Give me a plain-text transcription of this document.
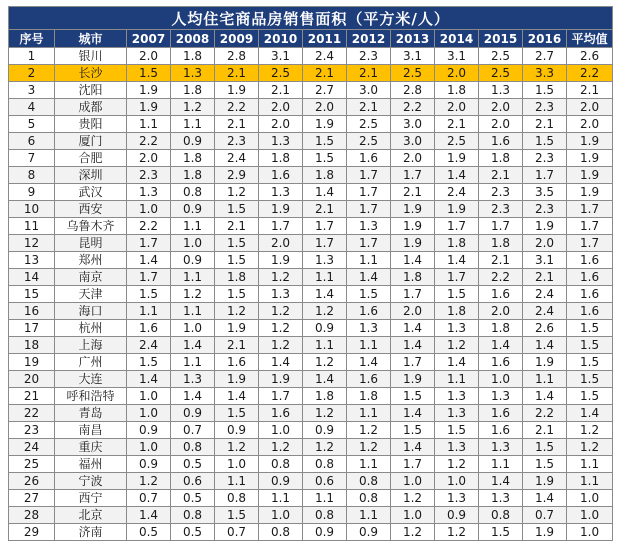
人均住宅商品房销售面积（平方米/人）												
序号	城市	2007	2008	2009	2010	2011	2012	2013	2014	2015	2016	平均值
1	银川	2.0	1.8	2.8	3.1	2.4	2.3	3.1	3.1	2.5	2.7	2.6
2	长沙	1.5	1.3	2.1	2.5	2.1	2.1	2.5	2.0	2.5	3.3	2.2
3	沈阳	1.9	1.8	1.9	2.1	2.7	3.0	2.8	1.8	1.3	1.5	2.1
4	成都	1.9	1.2	2.2	2.0	2.0	2.1	2.2	2.0	2.0	2.3	2.0
5	贵阳	1.1	1.1	2.1	2.0	1.9	2.5	3.0	2.1	2.0	2.1	2.0
6	厦门	2.2	0.9	2.3	1.3	1.5	2.5	3.0	2.5	1.6	1.5	1.9
7	合肥	2.0	1.8	2.4	1.8	1.5	1.6	2.0	1.9	1.8	2.3	1.9
8	深圳	2.3	1.8	2.9	1.6	1.8	1.7	1.7	1.4	2.1	1.7	1.9
9	武汉	1.3	0.8	1.2	1.3	1.4	1.7	2.1	2.4	2.3	3.5	1.9
10	西安	1.0	0.9	1.5	1.9	2.1	1.7	1.9	1.9	2.3	2.3	1.7
11	乌鲁木齐	2.2	1.1	2.1	1.7	1.7	1.3	1.9	1.7	1.7	1.9	1.7
12	昆明	1.7	1.0	1.5	2.0	1.7	1.7	1.9	1.8	1.8	2.0	1.7
13	郑州	1.4	0.9	1.5	1.9	1.3	1.1	1.4	1.4	2.1	3.1	1.6
14	南京	1.7	1.1	1.8	1.2	1.1	1.4	1.8	1.7	2.2	2.1	1.6
15	天津	1.5	1.2	1.5	1.3	1.4	1.5	1.7	1.5	1.6	2.4	1.6
16	海口	1.1	1.1	1.2	1.2	1.2	1.6	2.0	1.8	2.0	2.4	1.6
17	杭州	1.6	1.0	1.9	1.2	0.9	1.3	1.4	1.3	1.8	2.6	1.5
18	上海	2.4	1.4	2.1	1.2	1.1	1.1	1.4	1.2	1.4	1.4	1.5
19	广州	1.5	1.1	1.6	1.4	1.2	1.4	1.7	1.4	1.6	1.9	1.5
20	大连	1.4	1.3	1.9	1.9	1.4	1.6	1.9	1.1	1.0	1.1	1.5
21	呼和浩特	1.0	1.4	1.4	1.7	1.8	1.8	1.5	1.3	1.3	1.4	1.5
22	青岛	1.0	0.9	1.5	1.6	1.2	1.1	1.4	1.3	1.6	2.2	1.4
23	南昌	0.9	0.7	0.9	1.0	0.9	1.2	1.5	1.5	1.6	2.1	1.2
24	重庆	1.0	0.8	1.2	1.2	1.2	1.2	1.4	1.3	1.3	1.5	1.2
25	福州	0.9	0.5	1.0	0.8	0.8	1.1	1.7	1.2	1.1	1.5	1.1
26	宁波	1.2	0.6	1.1	0.9	0.6	0.8	1.0	1.0	1.4	1.9	1.1
27	西宁	0.7	0.5	0.8	1.1	1.1	0.8	1.2	1.3	1.3	1.4	1.0
28	北京	1.4	0.8	1.5	1.0	0.8	1.1	1.0	0.9	0.8	0.7	1.0
29	济南	0.5	0.5	0.7	0.8	0.9	0.9	1.2	1.2	1.5	1.9	1.0
